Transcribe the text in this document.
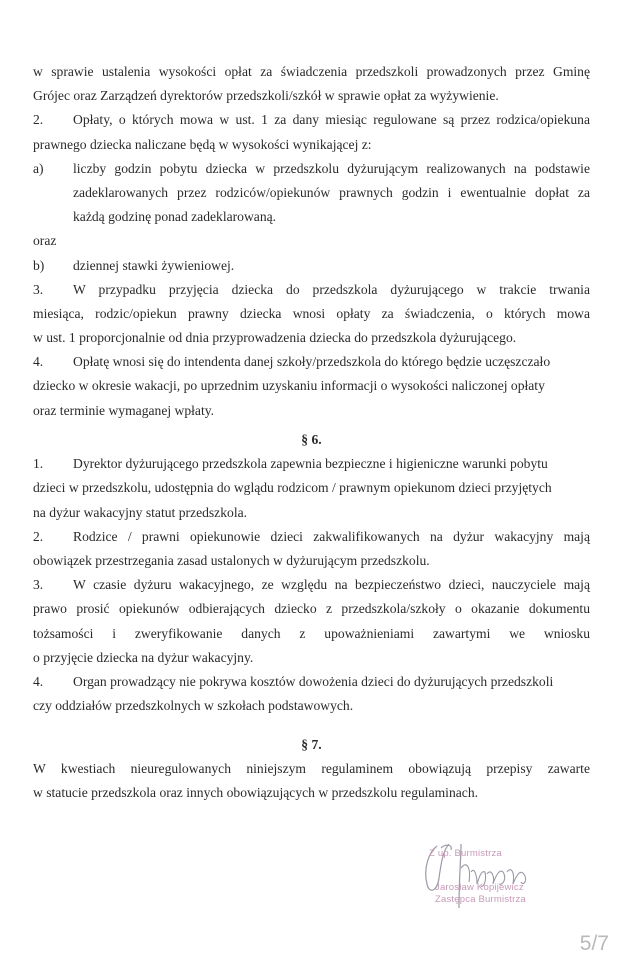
w sprawie ustalenia wysokości opłat za świadczenia przedszkoli prowadzonych przez Gminę
Grójec oraz Zarządzeń dyrektorów przedszkoli/szkół w sprawie opłat za wyżywienie.
2. Opłaty, o których mowa w ust. 1 za dany miesiąc regulowane są przez rodzica/opiekuna
prawnego dziecka naliczane będą w wysokości wynikającej z:
a) liczby godzin pobytu dziecka w przedszkolu dyżurującym realizowanych na podstawie
zadeklarowanych przez rodziców/opiekunów prawnych godzin i ewentualnie dopłat za
każdą godzinę ponad zadeklarowaną.
oraz
b) dziennej stawki żywieniowej.
3. W przypadku przyjęcia dziecka do przedszkola dyżurującego w trakcie trwania
miesiąca, rodzic/opiekun prawny dziecka wnosi opłaty za świadczenia, o których mowa
w ust. 1 proporcjonalnie od dnia przyprowadzenia dziecka do przedszkola dyżurującego.
4. Opłatę wnosi się do intendenta danej szkoły/przedszkola do którego będzie uczęszczało
dziecko w okresie wakacji, po uprzednim uzyskaniu informacji o wysokości naliczonej opłaty
oraz terminie wymaganej wpłaty.
§ 6.
1. Dyrektor dyżurującego przedszkola zapewnia bezpieczne i higieniczne warunki pobytu
dzieci w przedszkolu, udostępnia do wglądu rodzicom / prawnym opiekunom dzieci przyjętych
na dyżur wakacyjny statut przedszkola.
2. Rodzice / prawni opiekunowie dzieci zakwalifikowanych na dyżur wakacyjny mają
obowiązek przestrzegania zasad ustalonych w dyżurującym przedszkolu.
3. W czasie dyżuru wakacyjnego, ze względu na bezpieczeństwo dzieci, nauczyciele mają
prawo prosić opiekunów odbierających dziecko z przedszkola/szkoły o okazanie dokumentu
tożsamości i zweryfikowanie danych z upoważnieniami zawartymi we wniosku
o przyjęcie dziecka na dyżur wakacyjny.
4. Organ prowadzący nie pokrywa kosztów dowożenia dzieci do dyżurujących przedszkoli
czy oddziałów przedszkolnych w szkołach podstawowych.
§ 7.
W kwestiach nieuregulowanych niniejszym regulaminem obowiązują przepisy zawarte
w statucie przedszkola oraz innych obowiązujących w przedszkolu regulaminach.
Z up. Burmistrza
Jarosław Kopijewicz
Zastępca Burmistrza
5/7
